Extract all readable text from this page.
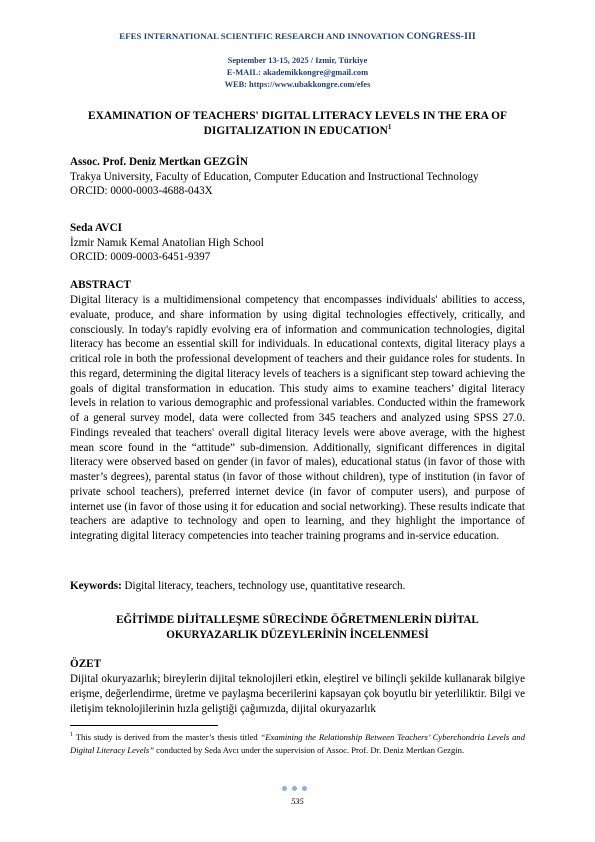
EFES INTERNATIONAL SCIENTIFIC RESEARCH AND INNOVATION CONGRESS-III
September 13-15, 2025 / Izmir, Türkiye
E-MAIL: akademikkongre@gmail.com
WEB: https://www.ubakkongre.com/efes
EXAMINATION OF TEACHERS' DIGITAL LITERACY LEVELS IN THE ERA OF
DIGITALIZATION IN EDUCATION$^1$
Assoc. Prof. Deniz Mertkan GEZGİN
Trakya University, Faculty of Education, Computer Education and Instructional Technology
ORCID: 0000-0003-4688-043X
Seda AVCI
İzmir Namık Kemal Anatolian High School
ORCID: 0009-0003-6451-9397
ABSTRACT
Digital literacy is a multidimensional competency that encompasses individuals' abilities to access, evaluate, produce, and share information by using digital technologies effectively, critically, and consciously. In today's rapidly evolving era of information and communication technologies, digital literacy has become an essential skill for individuals. In educational contexts, digital literacy plays a critical role in both the professional development of teachers and their guidance roles for students. In this regard, determining the digital literacy levels of teachers is a significant step toward achieving the goals of digital transformation in education. This study aims to examine teachers’ digital literacy levels in relation to various demographic and professional variables. Conducted within the framework of a general survey model, data were collected from 345 teachers and analyzed using SPSS 27.0. Findings revealed that teachers' overall digital literacy levels were above average, with the highest mean score found in the “attitude” sub-dimension. Additionally, significant differences in digital literacy were observed based on gender (in favor of males), educational status (in favor of those with master’s degrees), parental status (in favor of those without children), type of institution (in favor of private school teachers), preferred internet device (in favor of computer users), and purpose of internet use (in favor of those using it for education and social networking). These results indicate that teachers are adaptive to technology and open to learning, and they highlight the importance of integrating digital literacy competencies into teacher training programs and in-service education.
Keywords: Digital literacy, teachers, technology use, quantitative research.
EĞİTİMDE DİJİTALLEŞME SÜRECİNDE ÖĞRETMENLERİN DİJİTAL
OKURYAZARLIK DÜZEYLERİNİN İNCELENMESİ
ÖZET
Dijital okuryazarlık; bireylerin dijital teknolojileri etkin, eleştirel ve bilinçli şekilde kullanarak bilgiye erişme, değerlendirme, üretme ve paylaşma becerilerini kapsayan çok boyutlu bir yeterliliktir. Bilgi ve iletişim teknolojilerinin hızla geliştiği çağımızda, dijital okuryazarlık
$^1$ This study is derived from the master’s thesis titled “Examining the Relationship Between Teachers’ Cyberchondria Levels and Digital Literacy Levels” conducted by Seda Avcı under the supervision of Assoc. Prof. Dr. Deniz Mertkan Gezgin.
535
